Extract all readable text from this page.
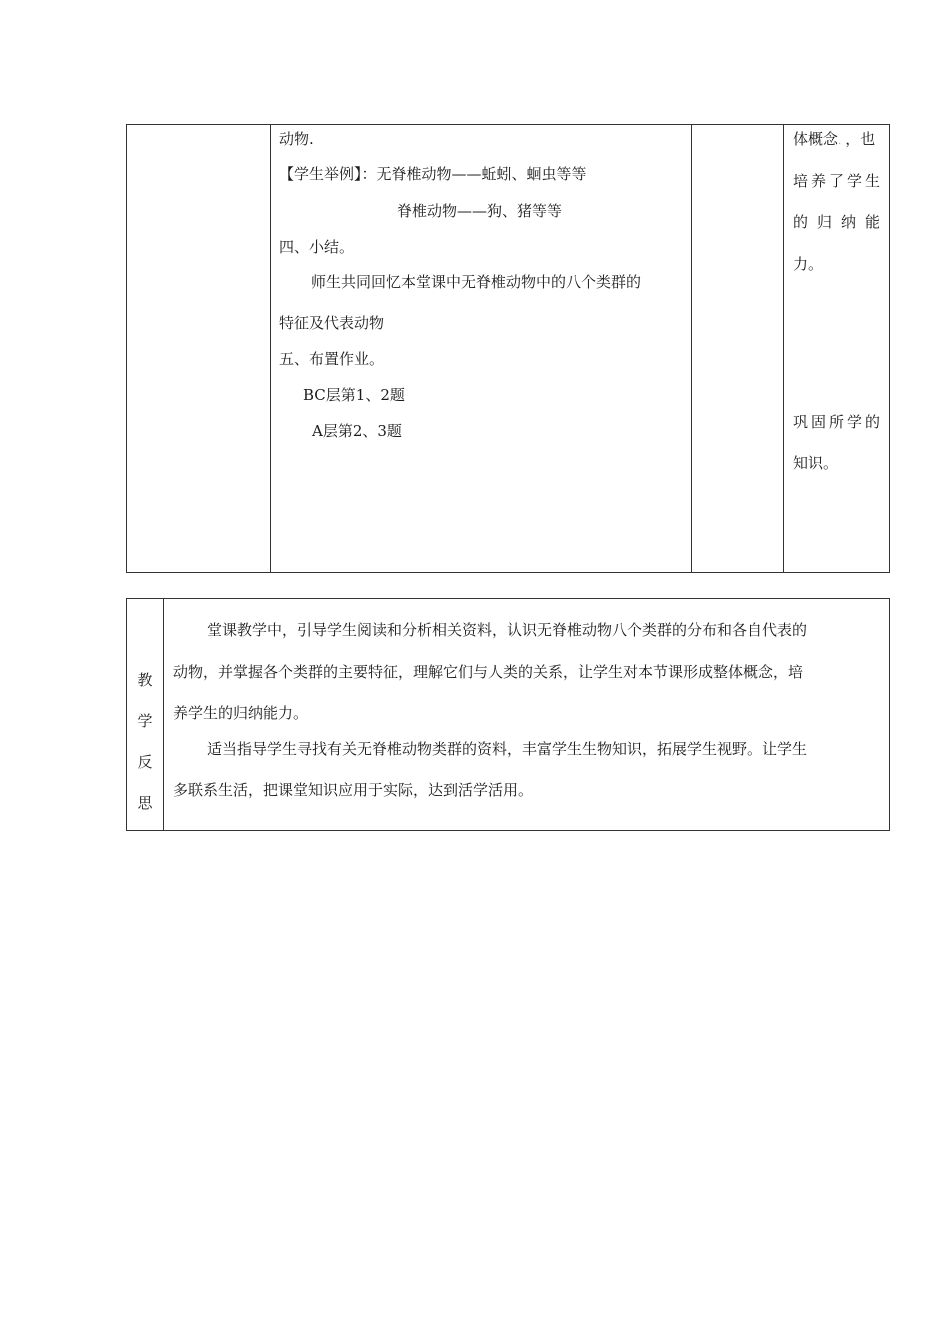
动物.
【学生举例】：无脊椎动物——蚯蚓、蛔虫等等
脊椎动物——狗、猪等等
四、小结。
师生共同回忆本堂课中无脊椎动物中的八个类群的
特征及代表动物
五、布置作业。
BC层第1、2题
A层第2、3题
体概念. ，也
培养了学生
的归纳能
力。
巩固所学的
知识。
教
学
反
思
堂课教学中，引导学生阅读和分析相关资料，认识无脊椎动物八个类群的分布和各自代表的
动物，并掌握各个类群的主要特征，理解它们与人类的关系，让学生对本节课形成整体概念，培
养学生的归纳能力。
适当指导学生寻找有关无脊椎动物类群的资料，丰富学生生物知识，拓展学生视野。让学生
多联系生活，把课堂知识应用于实际，达到活学活用。
